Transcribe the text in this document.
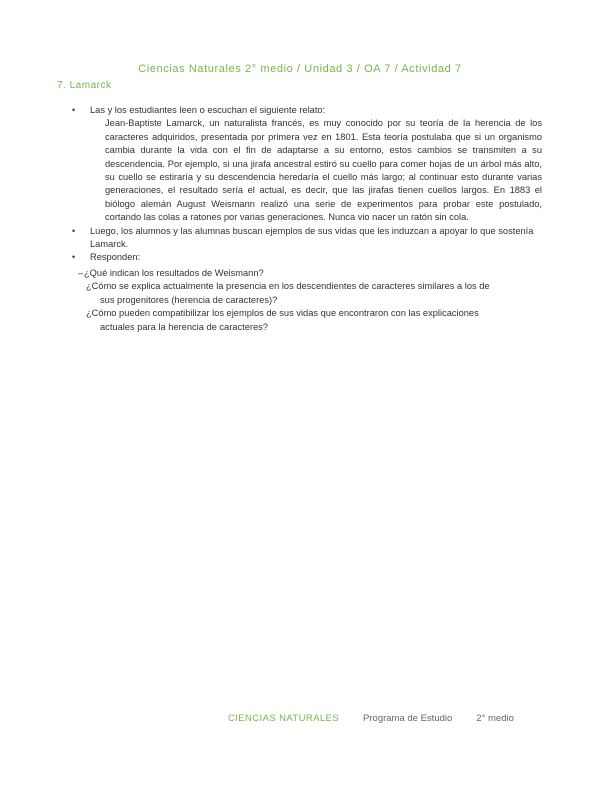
Ciencias Naturales 2° medio / Unidad 3 / OA 7 / Actividad 7
7. Lamarck
•	Las y los estudiantes leen o escuchan el siguiente relato:
Jean-Baptiste Lamarck, un naturalista francés, es muy conocido por su teoría de la herencia de los caracteres adquiridos, presentada por primera vez en 1801. Esta teoría postulaba que si un organismo cambia durante la vida con el fin de adaptarse a su entorno, estos cambios se transmiten a su descendencia. Por ejemplo, si una jirafa ancestral estiró su cuello para comer hojas de un árbol más alto, su cuello se estiraría y su descendencia heredaría el cuello más largo; al continuar esto durante varias generaciones, el resultado sería el actual, es decir, que las jirafas tienen cuellos largos. En 1883 el biólogo alemán August Weismann realizó una serie de experimentos para probar este postulado, cortando las colas a ratones por varias generaciones. Nunca vio nacer un ratón sin cola.
•	Luego, los alumnos y las alumnas buscan ejemplos de sus vidas que les induzcan a apoyar lo que sostenía Lamarck.
•	Responden:
– ¿Qué indican los resultados de Weismann?
¿Cómo se explica actualmente la presencia en los descendientes de caracteres similares a los de
sus progenitores (herencia de caracteres)?
¿Cómo pueden compatibilizar los ejemplos de sus vidas que encontraron con las explicaciones
actuales para la herencia de caracteres?
CIENCIAS NATURALES	Programa de Estudio	2° medio
